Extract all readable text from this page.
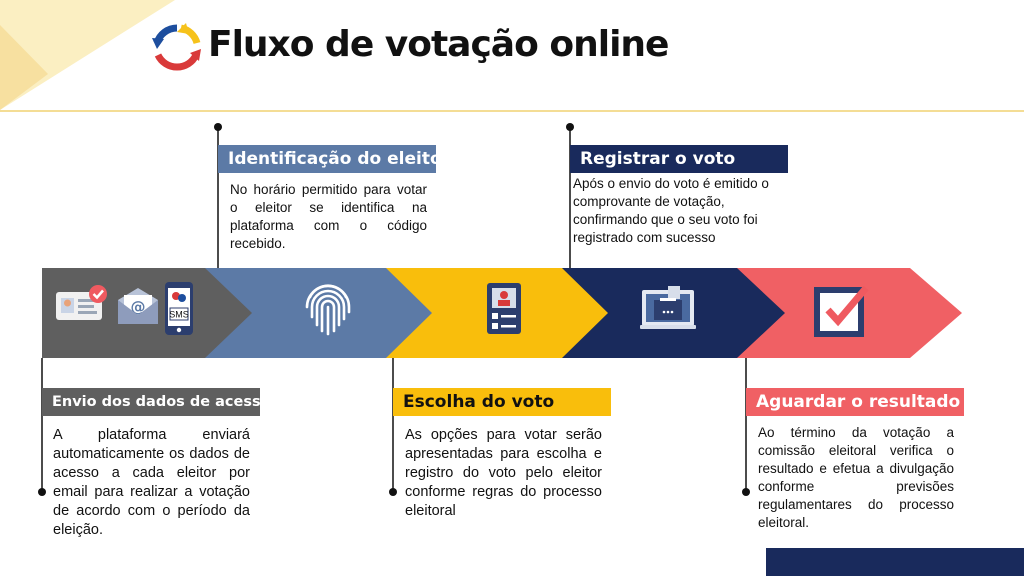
Fluxo de votação online
@	SMS
Envio dos dados de acesso
Identificação do eleitor
Escolha do voto
Registrar o voto
Aguardar o resultado
A plataforma enviará automaticamente os dados de acesso a cada eleitor por email para realizar a votação de acordo com o período da eleição.
No horário permitido para votar o eleitor se identifica na plataforma com o código recebido.
As opções para votar serão apresentadas para escolha e registro do voto pelo eleitor conforme regras do processo eleitoral
Após o envio do voto é emitido o comprovante de votação, confirmando que o seu voto foi registrado com sucesso
Ao término da votação a comissão eleitoral verifica o resultado e efetua a divulgação conforme previsões regulamentares do processo eleitoral.
